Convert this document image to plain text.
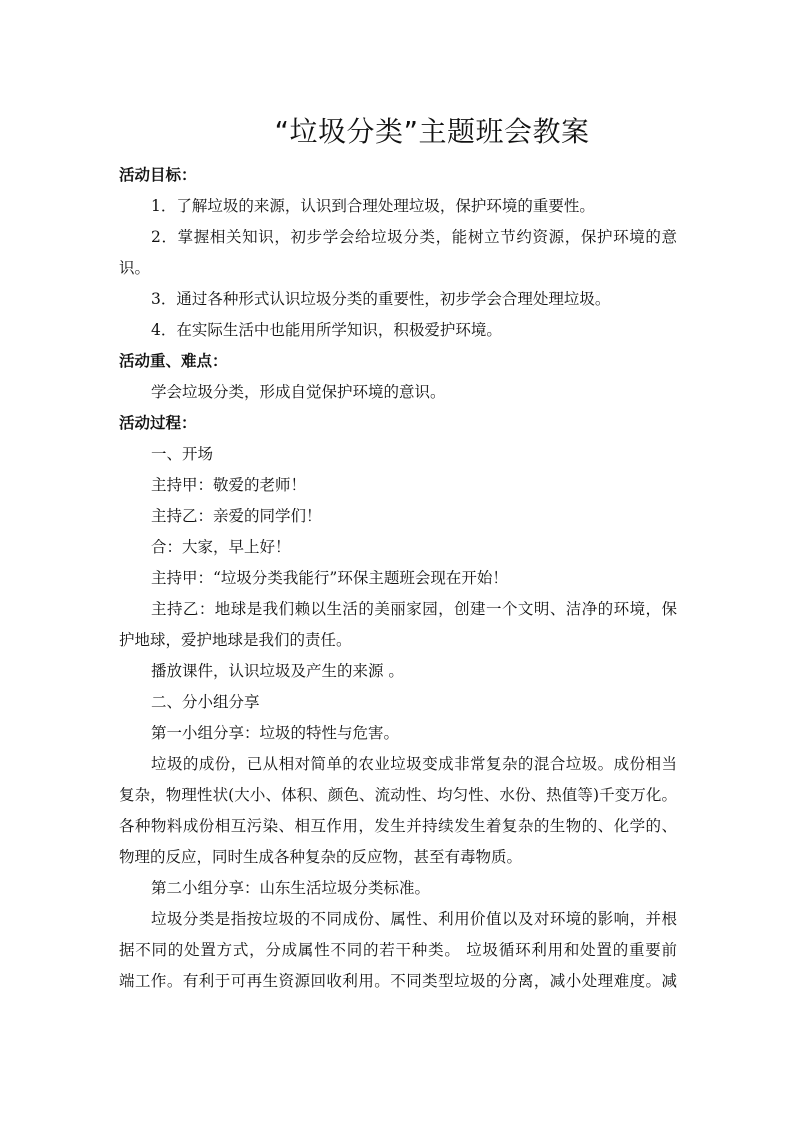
“垃圾分类”主题班会教案
活动目标：
1．了解垃圾的来源，认识到合理处理垃圾，保护环境的重要性。
2．掌握相关知识，初步学会给垃圾分类，能树立节约资源，保护环境的意
识。
3．通过各种形式认识垃圾分类的重要性，初步学会合理处理垃圾。
4．在实际生活中也能用所学知识，积极爱护环境。
活动重、难点：
学会垃圾分类，形成自觉保护环境的意识。
活动过程：
一、开场
主持甲：敬爱的老师！
主持乙：亲爱的同学们！
合：大家，早上好！
主持甲：“垃圾分类我能行”环保主题班会现在开始！
主持乙：地球是我们赖以生活的美丽家园，创建一个文明、洁净的环境，保
护地球，爱护地球是我们的责任。
播放课件，认识垃圾及产生的来源 。
二、分小组分享
第一小组分享：垃圾的特性与危害。
垃圾的成份，已从相对简单的农业垃圾变成非常复杂的混合垃圾。成份相当
复杂，物理性状(大小、体积、颜色、流动性、均匀性、水份、热值等)千变万化。
各种物料成份相互污染、相互作用，发生并持续发生着复杂的生物的、化学的、
物理的反应，同时生成各种复杂的反应物，甚至有毒物质。
第二小组分享：山东生活垃圾分类标准。
垃圾分类是指按垃圾的不同成份、属性、利用价值以及对环境的影响，并根
据不同的处置方式，分成属性不同的若干种类。 垃圾循环利用和处置的重要前
端工作。有利于可再生资源回收利用。不同类型垃圾的分离，减小处理难度。减
